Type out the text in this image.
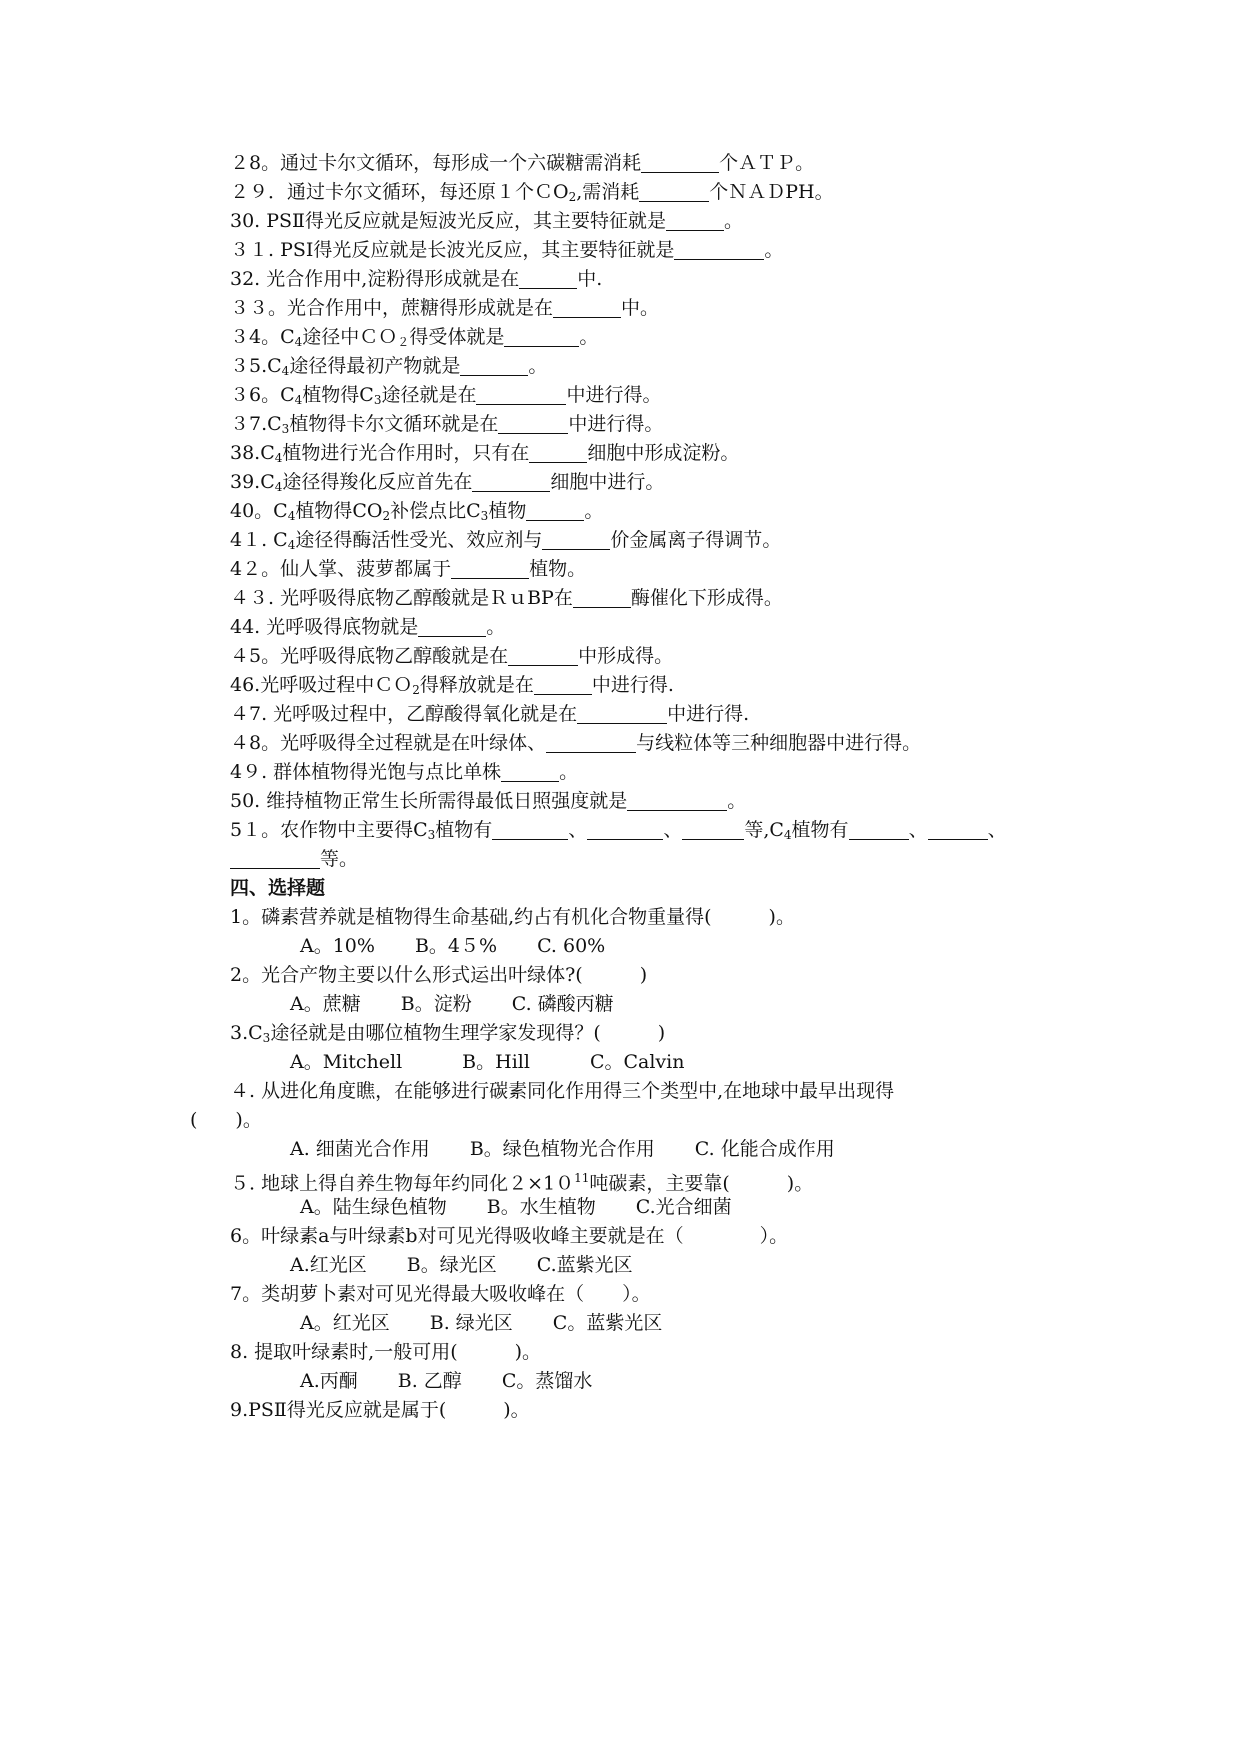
２8。通过卡尔文循环，每形成一个六碳糖需消耗	个ＡＴＰ。
２９．通过卡尔文循环，每还原１个ＣO$_2$,需消耗	个ＮＡＤPH。
30. PSⅡ得光反应就是短波光反应，其主要特征就是	。
３１. PSI得光反应就是长波光反应，其主要特征就是	。
32. 光合作用中,淀粉得形成就是在	中.
３３。光合作用中，蔗糖得形成就是在	中。
３4。$C_4$途径中ＣＯ$_2$得受体就是	。
$35.C_4$途径得最初产物就是	。
３6。$C_4$植物得$C_3$途径就是在	中进行得。
$37.C_3$植物得卡尔文循环就是在	中进行得。
$38.C_4$植物进行光合作用时，只有在	细胞中形成淀粉。
$39.C_4$途径得羧化反应首先在	细胞中进行。
40。$C_4$植物得$CO_2$补偿点比$C_3$植物	。
4１. $C_4$途径得酶活性受光、效应剂与	价金属离子得调节。
4２。仙人掌、菠萝都属于	植物。
４３. 光呼吸得底物乙醇酸就是ＲｕBP在	酶催化下形成得。
44. 光呼吸得底物就是	。
４5。光呼吸得底物乙醇酸就是在	中形成得。
46.光呼吸过程中ＣＯ$_2$得释放就是在	中进行得.
４7. 光呼吸过程中，乙醇酸得氧化就是在	中进行得.
４8。光呼吸得全过程就是在叶绿体、	与线粒体等三种细胞器中进行得。
4９. 群体植物得光饱与点比单株	。
50. 维持植物正常生长所需得最低日照强度就是	。
5１。农作物中主要得$C_3$植物有	、	、	等$,C_4$植物有	、	、
等。
四、选择题
1。磷素营养就是植物得生命基础,约占有机化合物重量得(　　　)。
A。10% B。4５% C. 60%
2。光合产物主要以什么形式运出叶绿体?(　　　)
A。蔗糖 B。淀粉 C. 磷酸丙糖
$3.C_3$途径就是由哪位植物生理学家发现得？(　　　)
A。Mitchell	B。Hill	C。Calvin
４. 从进化角度瞧，在能够进行碳素同化作用得三个类型中,在地球中最早出现得
(　　)。
A. 细菌光合作用 B。绿色植物光合作用 C. 化能合成作用
５. 地球上得自养生物每年约同化$2\times 10^{11}$吨碳素，主要靠(　　　)。
A。陆生绿色植物 B。水生植物 C.光合细菌
6。叶绿素a与叶绿素b对可见光得吸收峰主要就是在（　　　　）。
A.红光区 B。绿光区 C.蓝紫光区
7。类胡萝卜素对可见光得最大吸收峰在（　　）。
A。红光区 B. 绿光区 C。蓝紫光区
8. 提取叶绿素时,一般可用(　　　)。
A.丙酮 B. 乙醇 C。蒸馏水
9.PSⅡ得光反应就是属于(　　　)。
